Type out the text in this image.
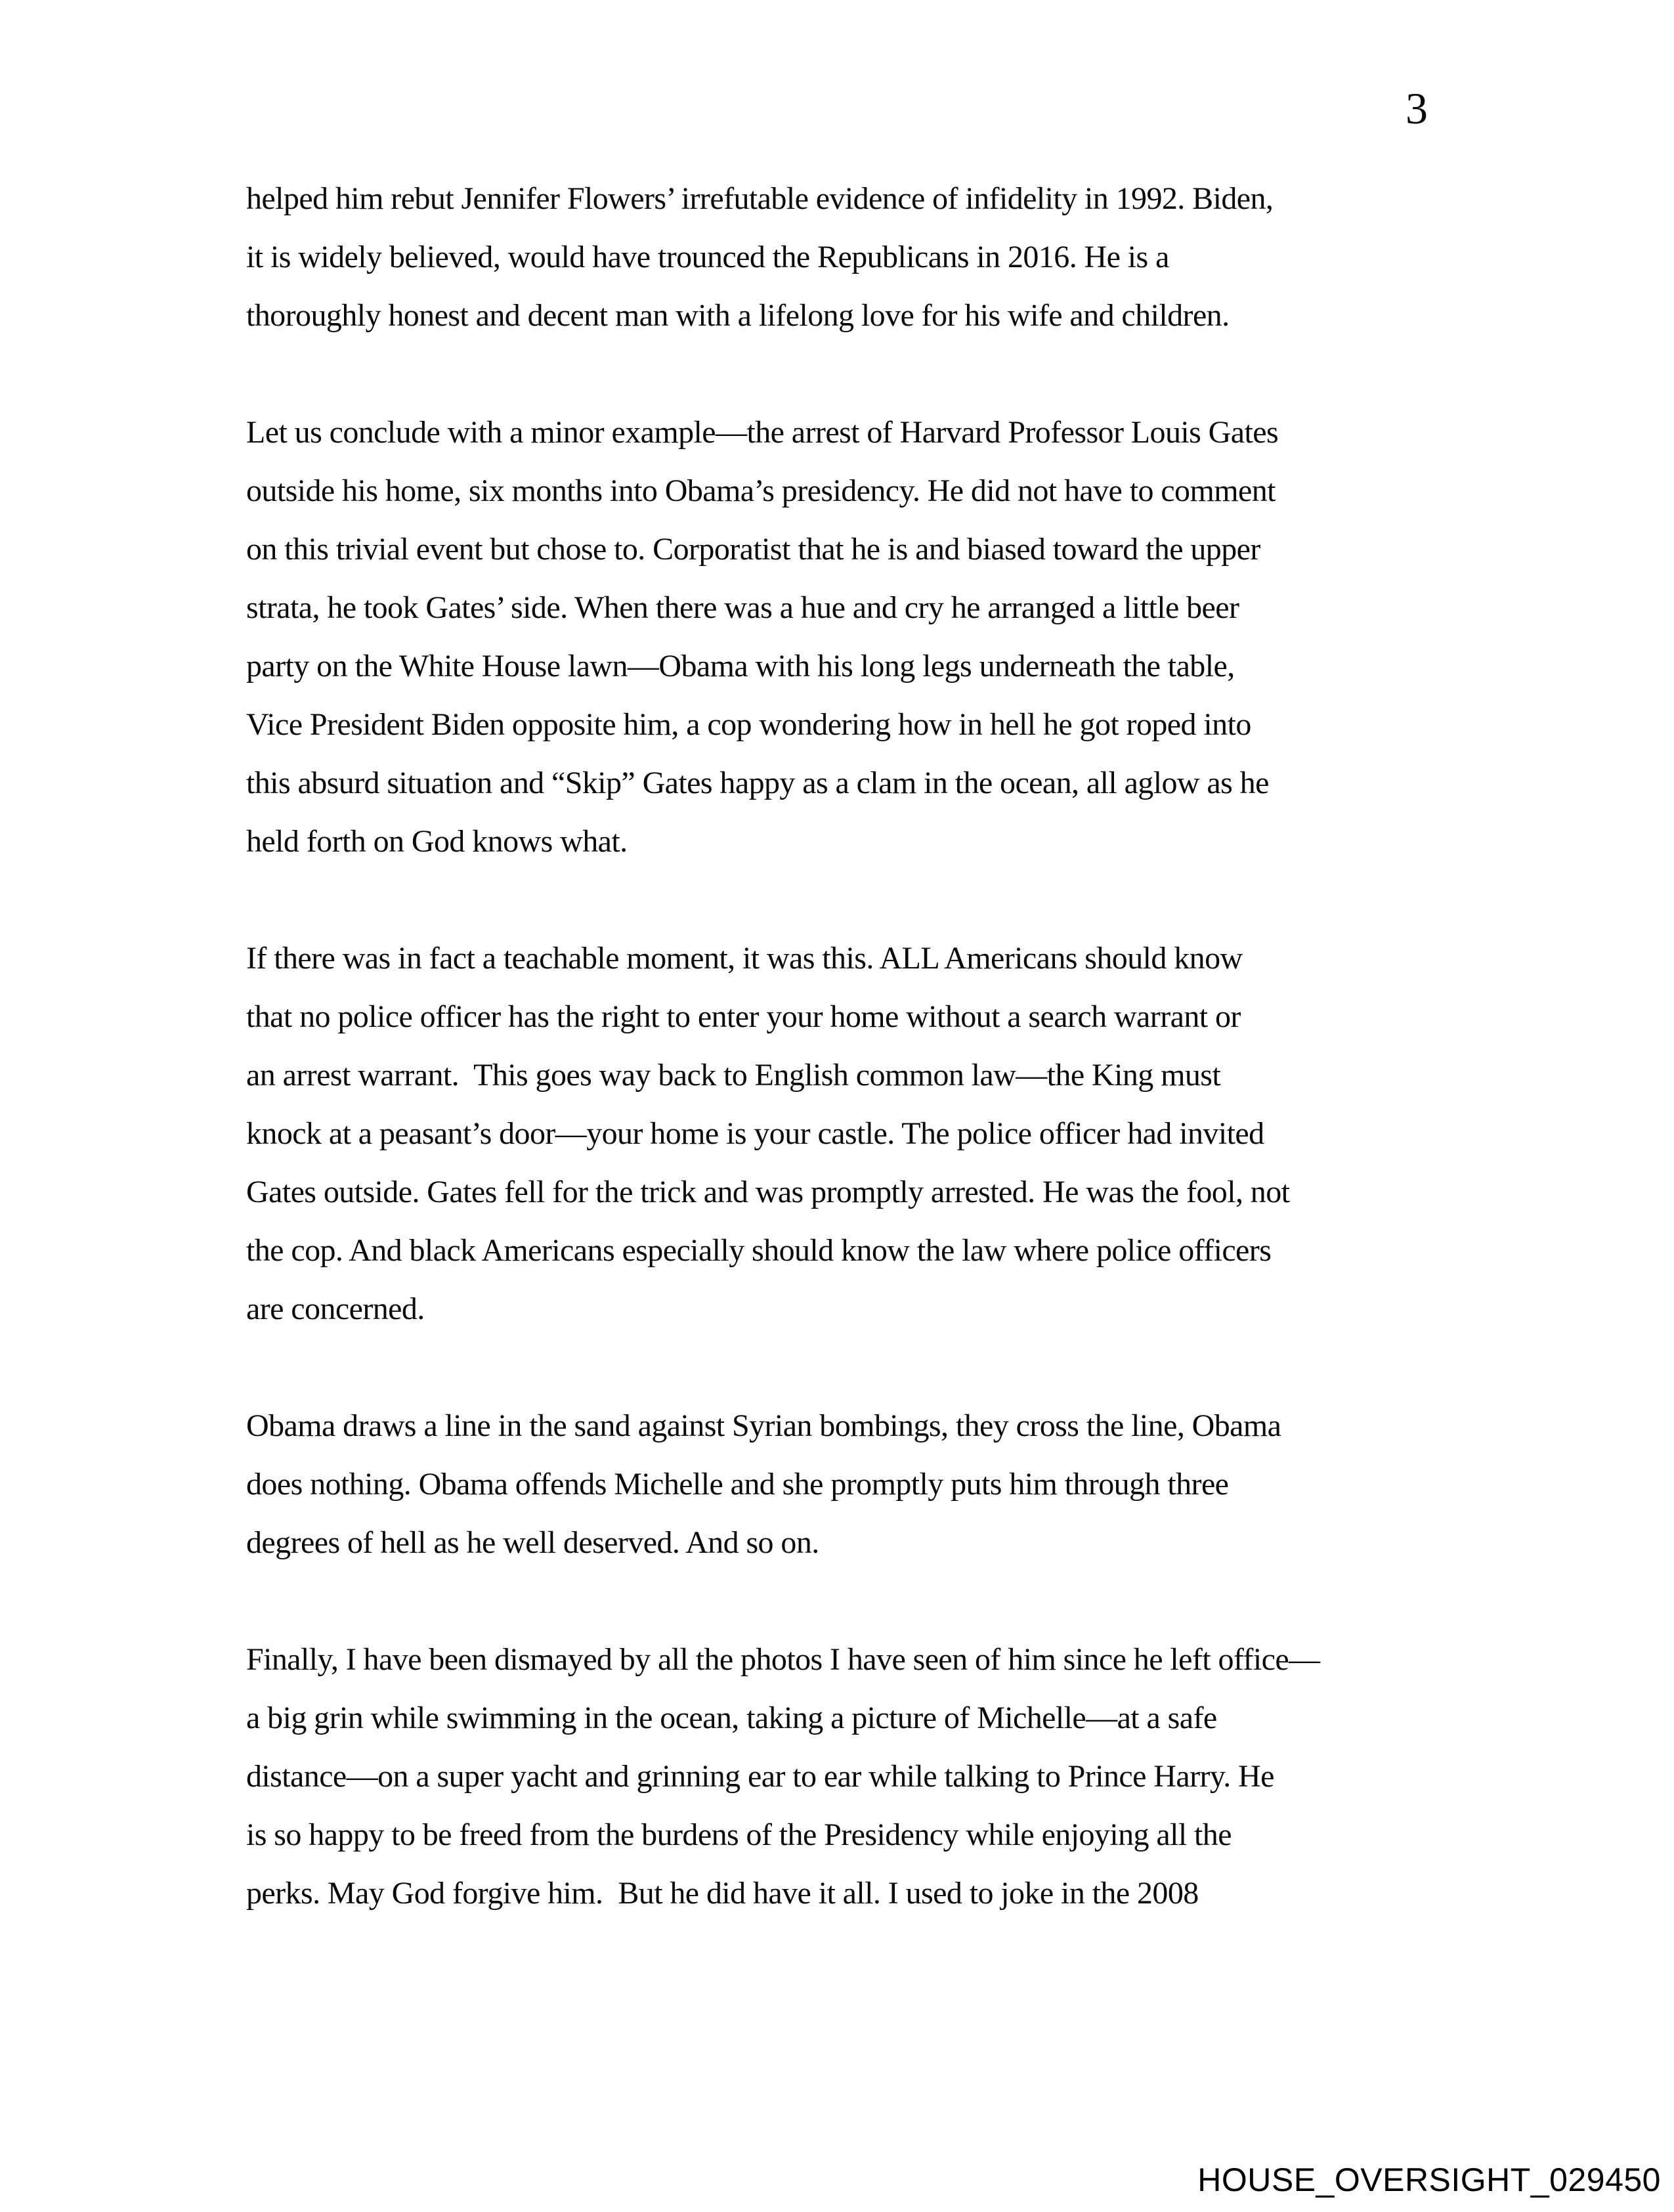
3
helped him rebut Jennifer Flowers’ irrefutable evidence of infidelity in 1992. Biden,
it is widely believed, would have trounced the Republicans in 2016. He is a
thoroughly honest and decent man with a lifelong love for his wife and children.
Let us conclude with a minor example—the arrest of Harvard Professor Louis Gates
outside his home, six months into Obama’s presidency. He did not have to comment
on this trivial event but chose to. Corporatist that he is and biased toward the upper
strata, he took Gates’ side. When there was a hue and cry he arranged a little beer
party on the White House lawn—Obama with his long legs underneath the table,
Vice President Biden opposite him, a cop wondering how in hell he got roped into
this absurd situation and “Skip” Gates happy as a clam in the ocean, all aglow as he
held forth on God knows what.
If there was in fact a teachable moment, it was this. ALL Americans should know
that no police officer has the right to enter your home without a search warrant or
an arrest warrant.  This goes way back to English common law—the King must
knock at a peasant’s door—your home is your castle. The police officer had invited
Gates outside. Gates fell for the trick and was promptly arrested. He was the fool, not
the cop. And black Americans especially should know the law where police officers
are concerned.
Obama draws a line in the sand against Syrian bombings, they cross the line, Obama
does nothing. Obama offends Michelle and she promptly puts him through three
degrees of hell as he well deserved. And so on.
Finally, I have been dismayed by all the photos I have seen of him since he left office—
a big grin while swimming in the ocean, taking a picture of Michelle—at a safe
distance—on a super yacht and grinning ear to ear while talking to Prince Harry. He
is so happy to be freed from the burdens of the Presidency while enjoying all the
perks. May God forgive him.  But he did have it all. I used to joke in the 2008
HOUSE_OVERSIGHT_029450
